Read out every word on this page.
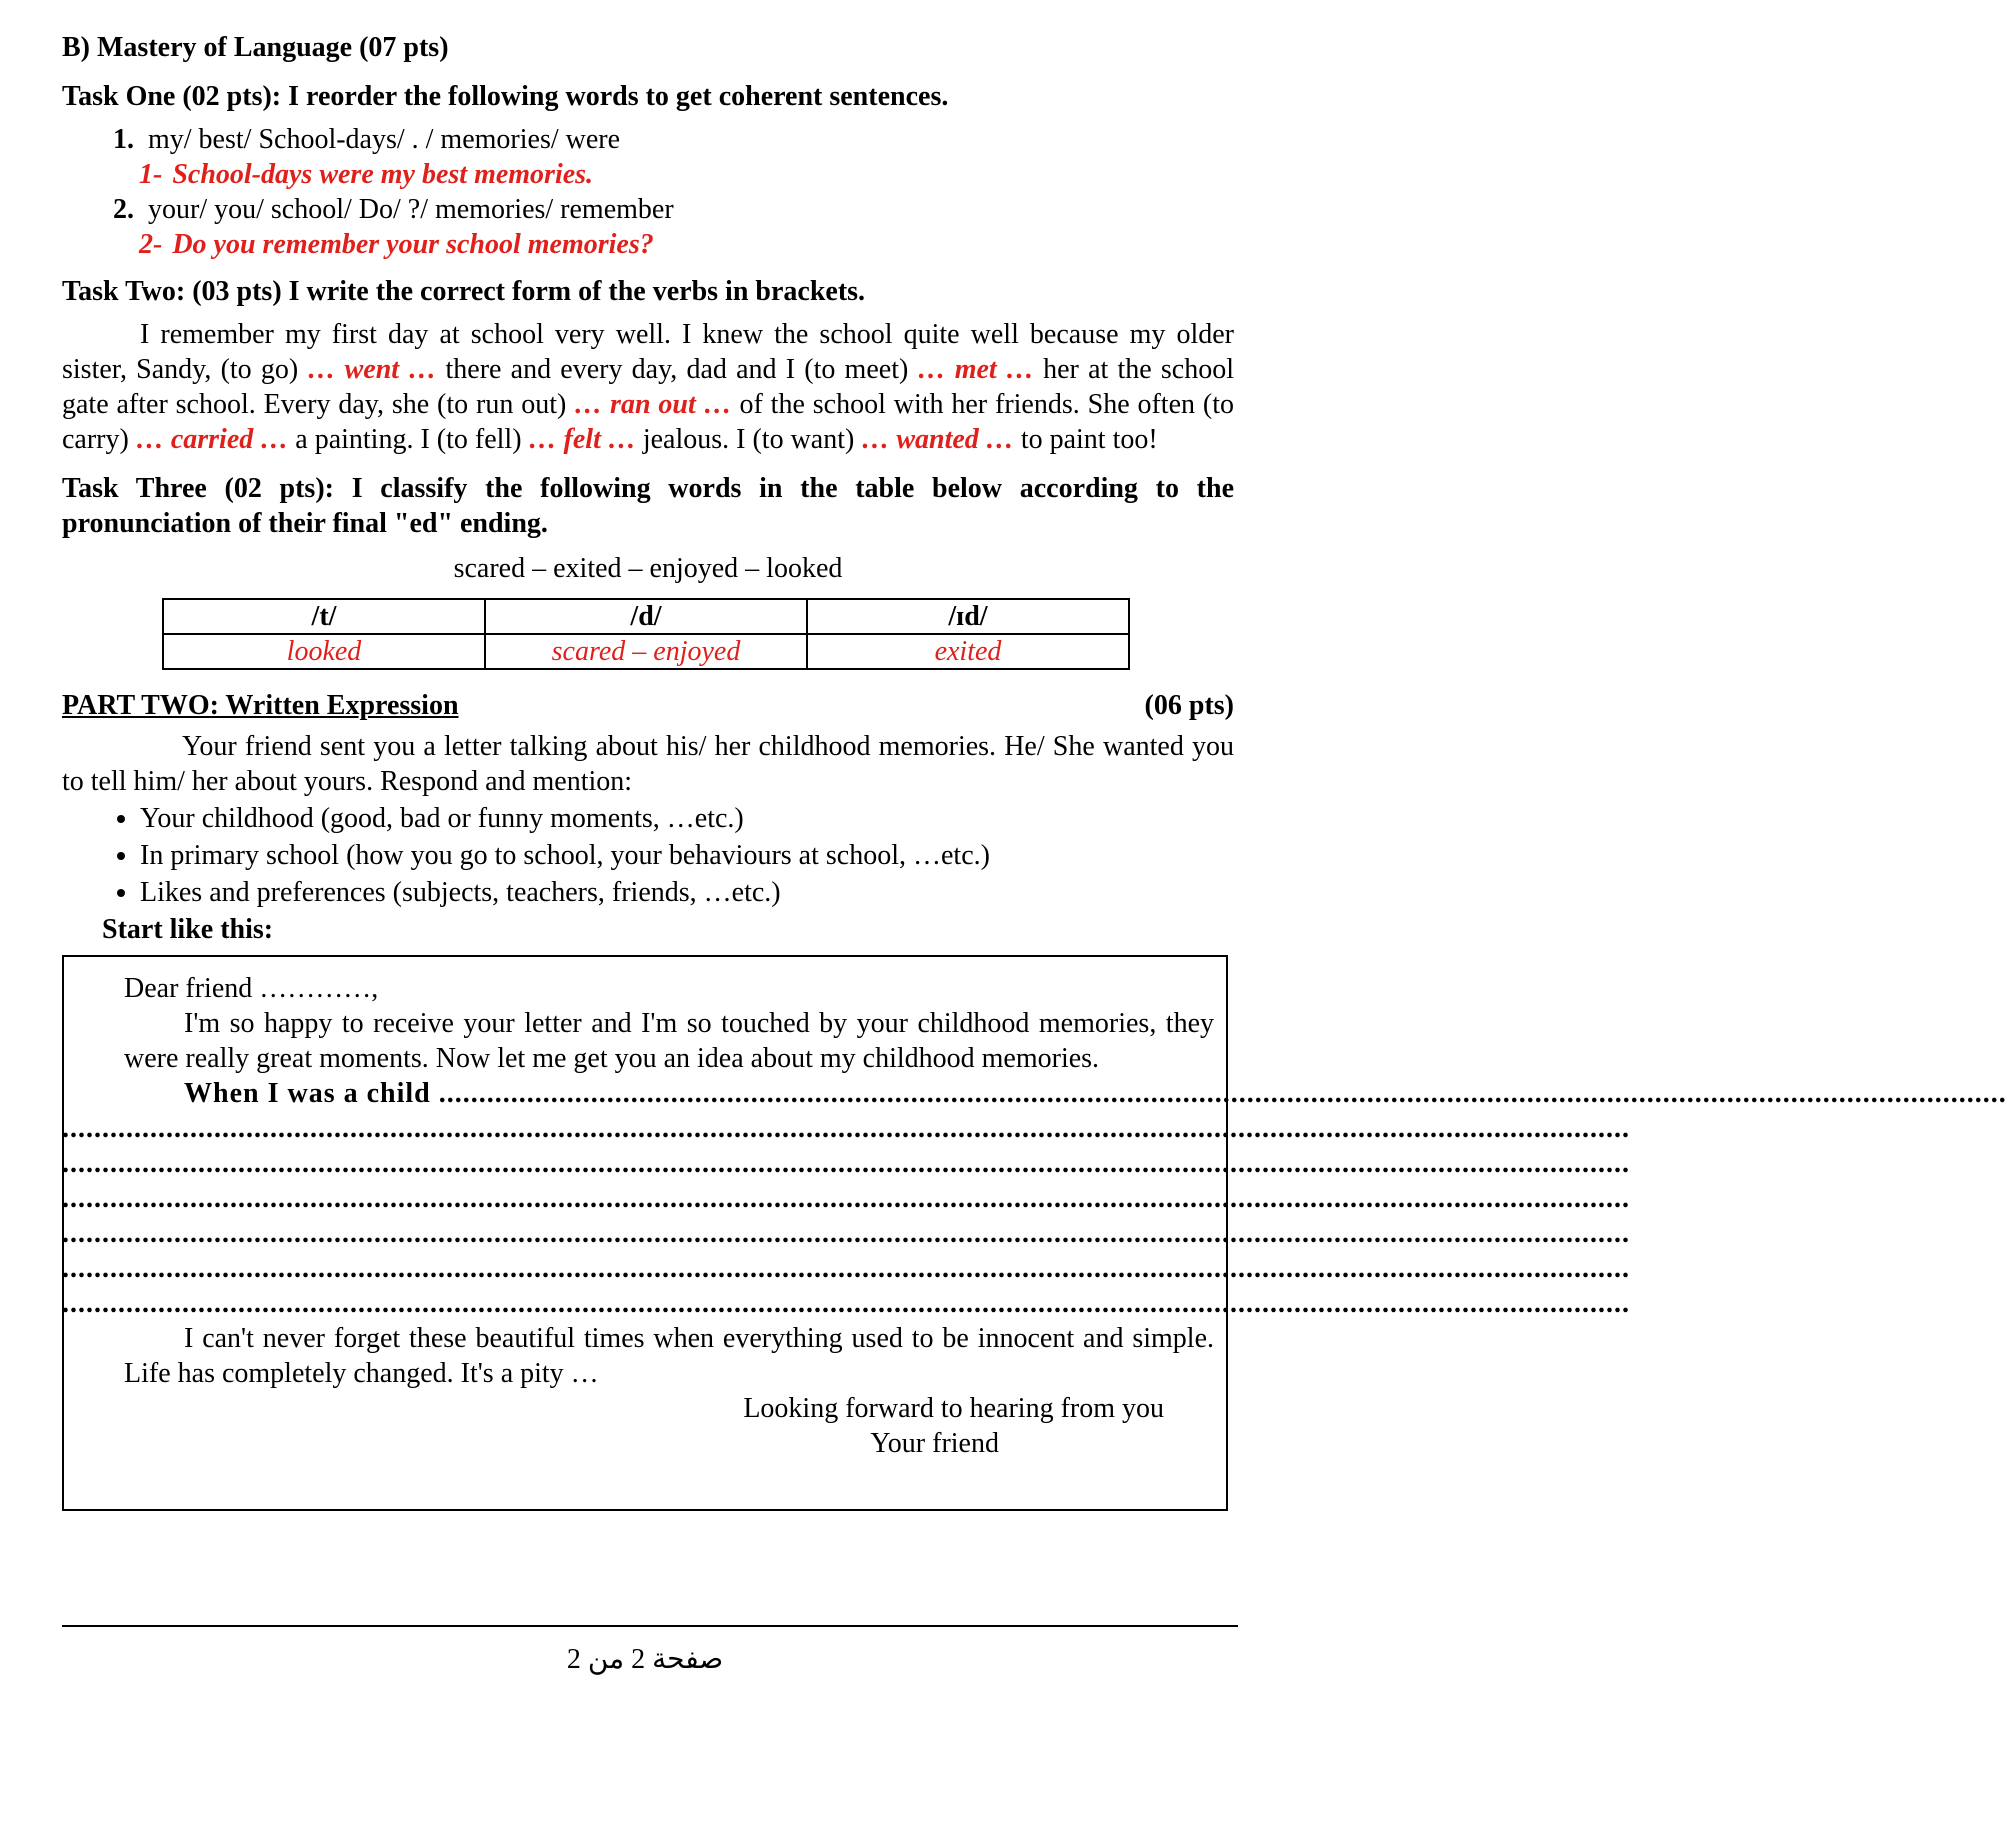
B) Mastery of Language (07 pts)
Task One (02 pts): I reorder the following words to get coherent sentences.
1. my/ best/ School-days/ . / memories/ were
1- School-days were my best memories.
2. your/ you/ school/ Do/ ?/ memories/ remember
2- Do you remember your school memories?
Task Two: (03 pts) I write the correct form of the verbs in brackets.

I remember my first day at school very well. I knew the school quite well because my older sister, Sandy, (to go) … went … there and every day, dad and I (to meet) … met … her at the school gate after school. Every day, she (to run out) … ran out … of the school with her friends. She often (to carry) … carried … a painting. I (to fell) … felt … jealous. I (to want) … wanted … to paint too!

Task Three (02 pts): I classify the following words in the table below according to the pronunciation of their final "ed" ending.
scared – exited – enjoyed – looked
/t/	/d/	/ɪd/
looked	scared – enjoyed	exited
PART TWO: Written Expression	(06 pts)

Your friend sent you a letter talking about his/ her childhood memories. He/ She wanted you to tell him/ her about yours. Respond and mention:

• Your childhood (good, bad or funny moments, …etc.)
• In primary school (how you go to school, your behaviours at school, …etc.)
• Likes and preferences (subjects, teachers, friends, …etc.)
Start like this:
Dear friend …………,
I'm so happy to receive your letter and I'm so touched by your childhood memories, they were really great moments. Now let me get you an idea about my childhood memories.
When I was a child ....................................................................................................................................................................................................
....................................................................................................................................................................................................
....................................................................................................................................................................................................
....................................................................................................................................................................................................
....................................................................................................................................................................................................
....................................................................................................................................................................................................
....................................................................................................................................................................................................
I can't never forget these beautiful times when everything used to be innocent and simple. Life has completely changed. It's a pity …
Looking forward to hearing from you
Your friend
صفحة 2 من 2
